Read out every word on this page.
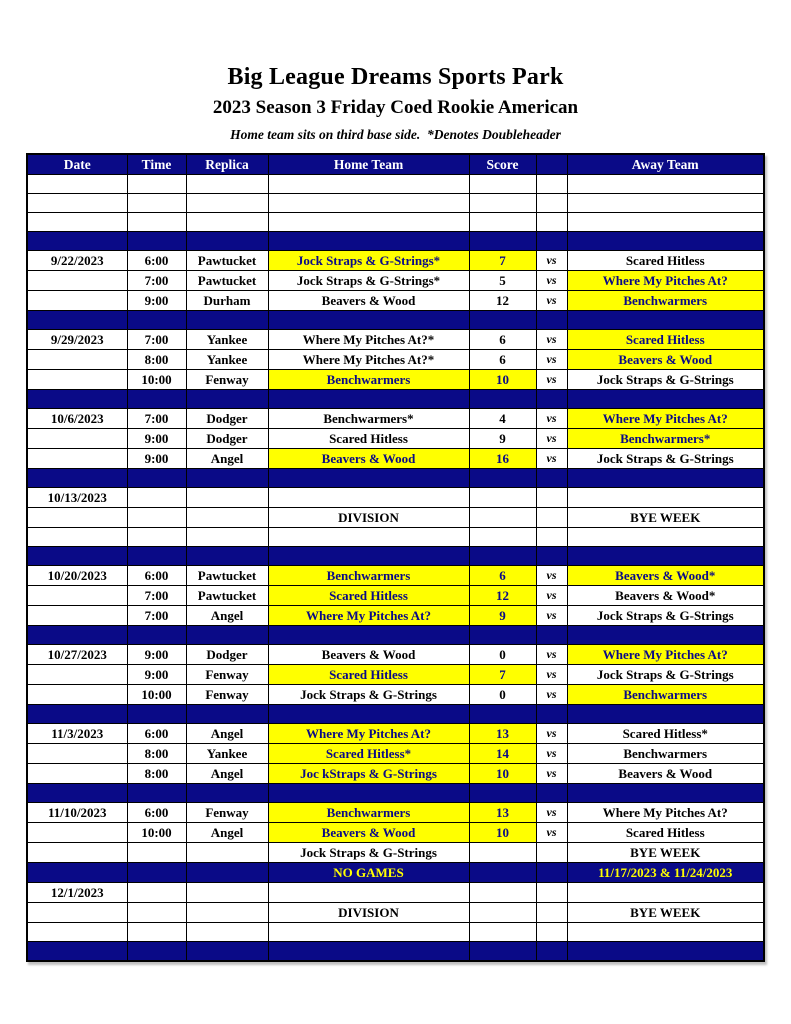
Big League Dreams Sports Park
2023 Season 3 Friday Coed Rookie American
Home team sits on third base side.  *Denotes Doubleheader
Date	Time	Replica	Home Team	Score		Away Team

9/22/2023	6:00	Pawtucket	Jock Straps & G-Strings*	7	vs	Scared Hitless
	7:00	Pawtucket	Jock Straps & G-Strings*	5	vs	Where My Pitches At?
	9:00	Durham	Beavers & Wood	12	vs	Benchwarmers

9/29/2023	7:00	Yankee	Where My Pitches At?*	6	vs	Scared Hitless
	8:00	Yankee	Where My Pitches At?*	6	vs	Beavers & Wood
	10:00	Fenway	Benchwarmers	10	vs	Jock Straps & G-Strings

10/6/2023	7:00	Dodger	Benchwarmers*	4	vs	Where My Pitches At?
	9:00	Dodger	Scared Hitless	9	vs	Benchwarmers*
	9:00	Angel	Beavers & Wood	16	vs	Jock Straps & G-Strings

10/13/2023						
			DIVISION			BYE WEEK

10/20/2023	6:00	Pawtucket	Benchwarmers	6	vs	Beavers & Wood*
	7:00	Pawtucket	Scared Hitless	12	vs	Beavers & Wood*
	7:00	Angel	Where My Pitches At?	9	vs	Jock Straps & G-Strings

10/27/2023	9:00	Dodger	Beavers & Wood	0	vs	Where My Pitches At?
	9:00	Fenway	Scared Hitless	7	vs	Jock Straps & G-Strings
	10:00	Fenway	Jock Straps & G-Strings	0	vs	Benchwarmers

11/3/2023	6:00	Angel	Where My Pitches At?	13	vs	Scared Hitless*
	8:00	Yankee	Scared Hitless*	14	vs	Benchwarmers
	8:00	Angel	Joc kStraps & G-Strings	10	vs	Beavers & Wood

11/10/2023	6:00	Fenway	Benchwarmers	13	vs	Where My Pitches At?
	10:00	Angel	Beavers & Wood	10	vs	Scared Hitless
			Jock Straps & G-Strings			BYE WEEK
			NO GAMES			11/17/2023 & 11/24/2023
12/1/2023						
			DIVISION			BYE WEEK
